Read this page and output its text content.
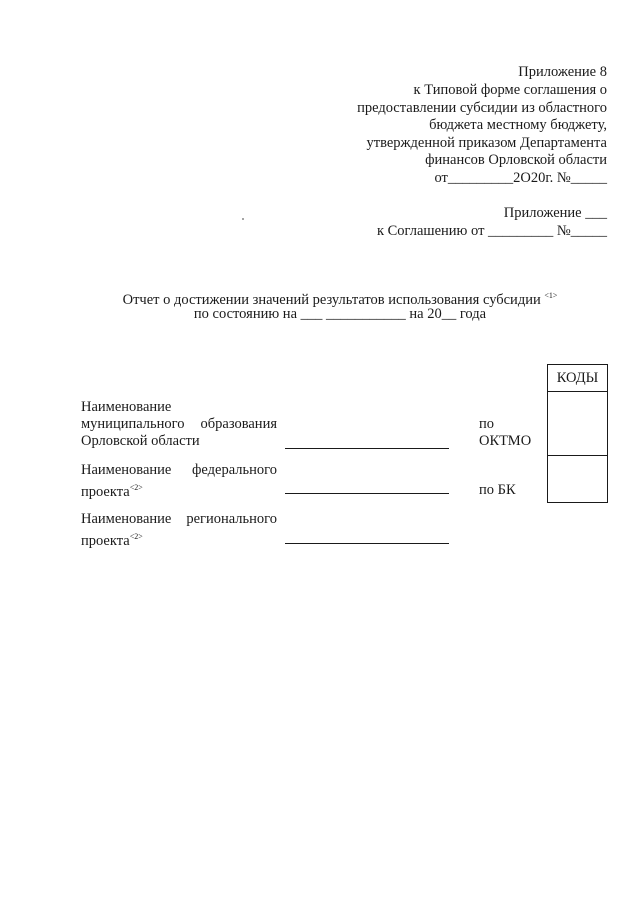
Приложение 8
к Типовой форме соглашения о
предоставлении субсидии из областного
бюджета местному бюджету,
утвержденной приказом Департамента
финансов Орловской области
от_________2О20г. №_____
Приложение ___
к Соглашению от _________ №_____
Отчет о достижении значений результатов использования субсидии $^{<1>}$
по состоянию на ___ ___________ на 20__ года
КОДЫ
Наименование
муниципального образования
Орловской области
по
ОКТМО
Наименование федерального
проекта$^{<2>}$	по БК
Наименование регионального
проекта$^{<2>}$
